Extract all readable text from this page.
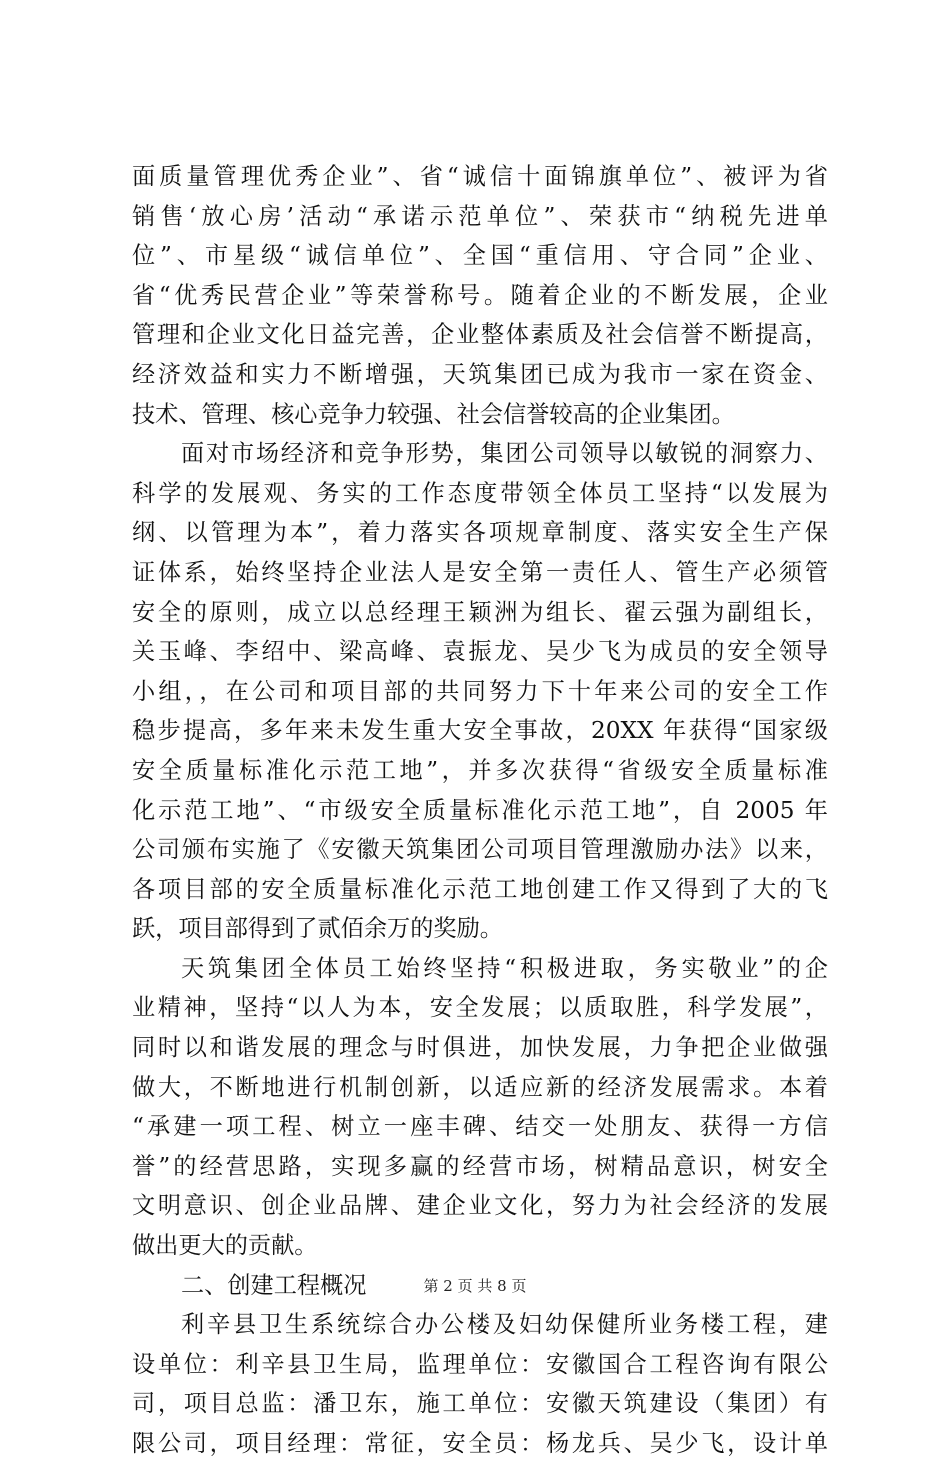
面质量管理优秀企业”、省“诚信十面锦旗单位”、被评为省
销售‘放心房’活动“承诺示范单位”、荣获市“纳税先进单
位”、市星级“诚信单位”、全国“重信用、守合同”企业、
省“优秀民营企业”等荣誉称号。随着企业的不断发展，企业
管理和企业文化日益完善，企业整体素质及社会信誉不断提高，
经济效益和实力不断增强，天筑集团已成为我市一家在资金、
技术、管理、核心竞争力较强、社会信誉较高的企业集团。
面对市场经济和竞争形势，集团公司领导以敏锐的洞察力、
科学的发展观、务实的工作态度带领全体员工坚持“以发展为
纲、以管理为本”，着力落实各项规章制度、落实安全生产保
证体系，始终坚持企业法人是安全第一责任人、管生产必须管
安全的原则，成立以总经理王颖洲为组长、翟云强为副组长，
关玉峰、李绍中、梁高峰、袁振龙、吴少飞为成员的安全领导
小组，，在公司和项目部的共同努力下十年来公司的安全工作
稳步提高，多年来未发生重大安全事故，20XX 年获得“国家级
安全质量标准化示范工地”，并多次获得“省级安全质量标准
化示范工地”、“市级安全质量标准化示范工地”，自 2005 年
公司颁布实施了《安徽天筑集团公司项目管理激励办法》以来，
各项目部的安全质量标准化示范工地创建工作又得到了大的飞
跃，项目部得到了贰佰余万的奖励。
天筑集团全体员工始终坚持“积极进取，务实敬业”的企
业精神，坚持“以人为本，安全发展；以质取胜，科学发展”，
同时以和谐发展的理念与时俱进，加快发展，力争把企业做强
做大，不断地进行机制创新，以适应新的经济发展需求。本着
“承建一项工程、树立一座丰碑、结交一处朋友、获得一方信
誉”的经营思路，实现多赢的经营市场，树精品意识，树安全
文明意识、创企业品牌、建企业文化，努力为社会经济的发展
做出更大的贡献。
二、创建工程概况
利辛县卫生系统综合办公楼及妇幼保健所业务楼工程，建
设单位：利辛县卫生局，监理单位：安徽国合工程咨询有限公
司，项目总监：潘卫东，施工单位：安徽天筑建设（集团）有
限公司，项目经理：常征，安全员：杨龙兵、吴少飞，设计单
第 2 页 共 8 页
